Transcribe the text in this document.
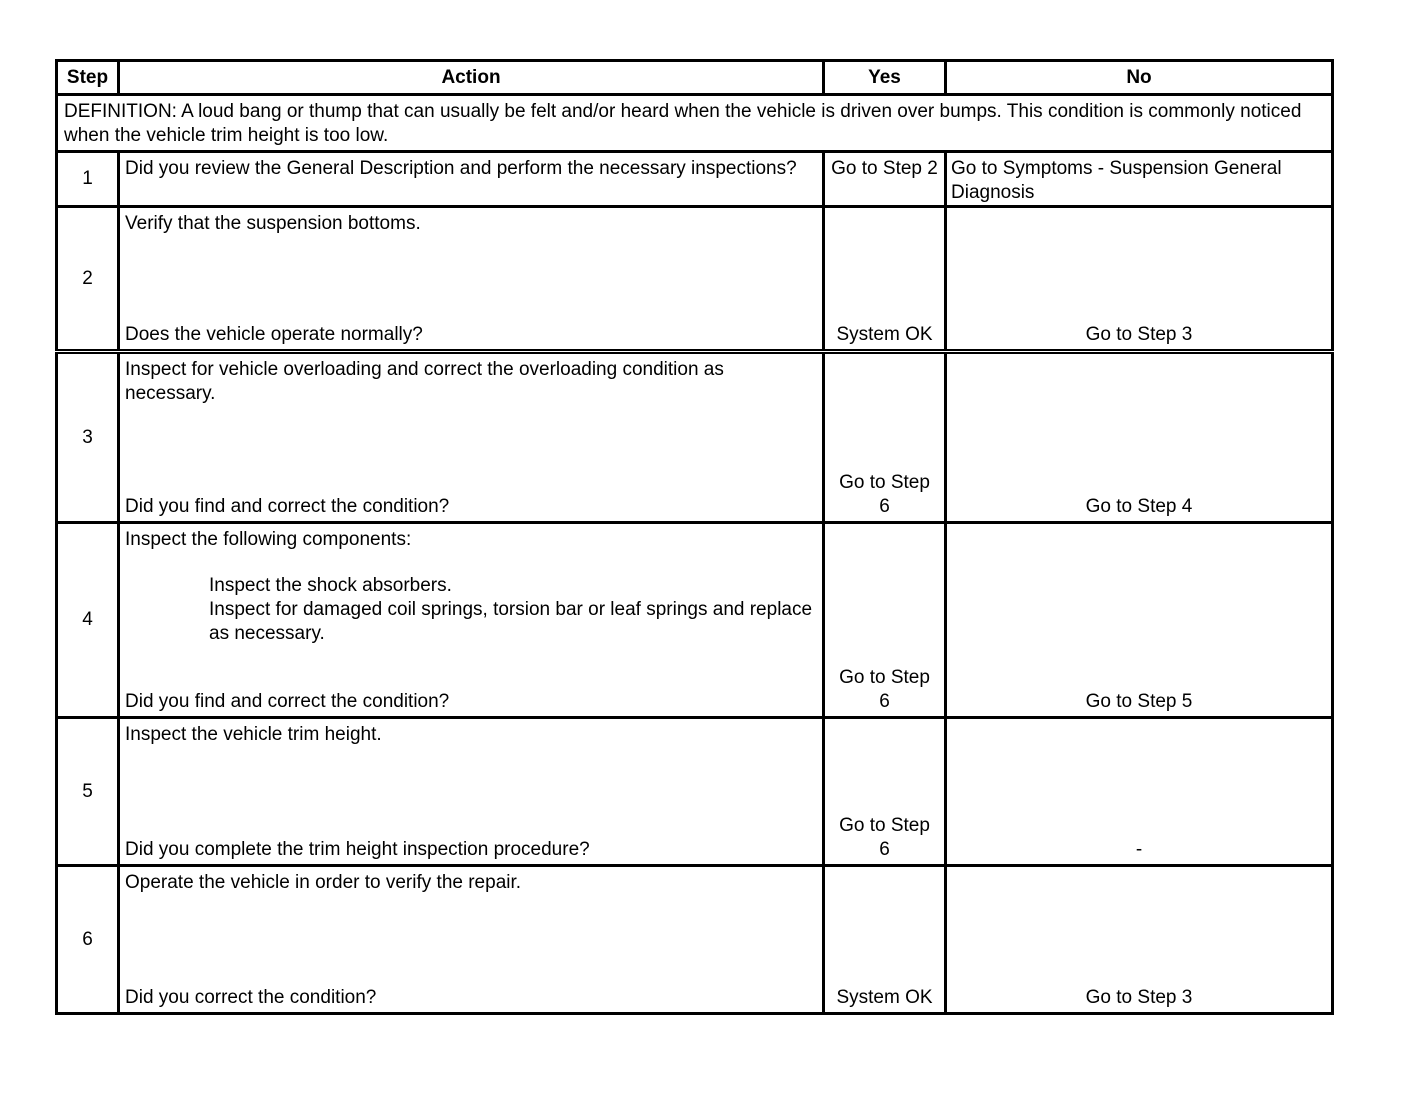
Step	Action	Yes	No

DEFINITION: A loud bang or thump that can usually be felt and/or heard when the vehicle is driven over bumps. This condition is commonly noticed when the vehicle trim height is too low.			

1	Did you review the General Description and perform the necessary inspections?	Go to Step 2	Go to Symptoms - Suspension General Diagnosis
2	Verify that the suspension bottoms.
Does the vehicle operate normally?	System OK	Go to Step 3

3	Inspect for vehicle overloading and correct the overloading condition as necessary.
Did you find and correct the condition?	Go to Step 6	Go to Step 4

4	Inspect the following components:
Inspect the shock absorbers.
Inspect for damaged coil springs, torsion bar or leaf springs and replace as necessary.
Did you find and correct the condition?	Go to Step 6	Go to Step 5

5	Inspect the vehicle trim height.
Did you complete the trim height inspection procedure?	Go to Step 6	-

6	Operate the vehicle in order to verify the repair.
Did you correct the condition?	System OK	Go to Step 3
